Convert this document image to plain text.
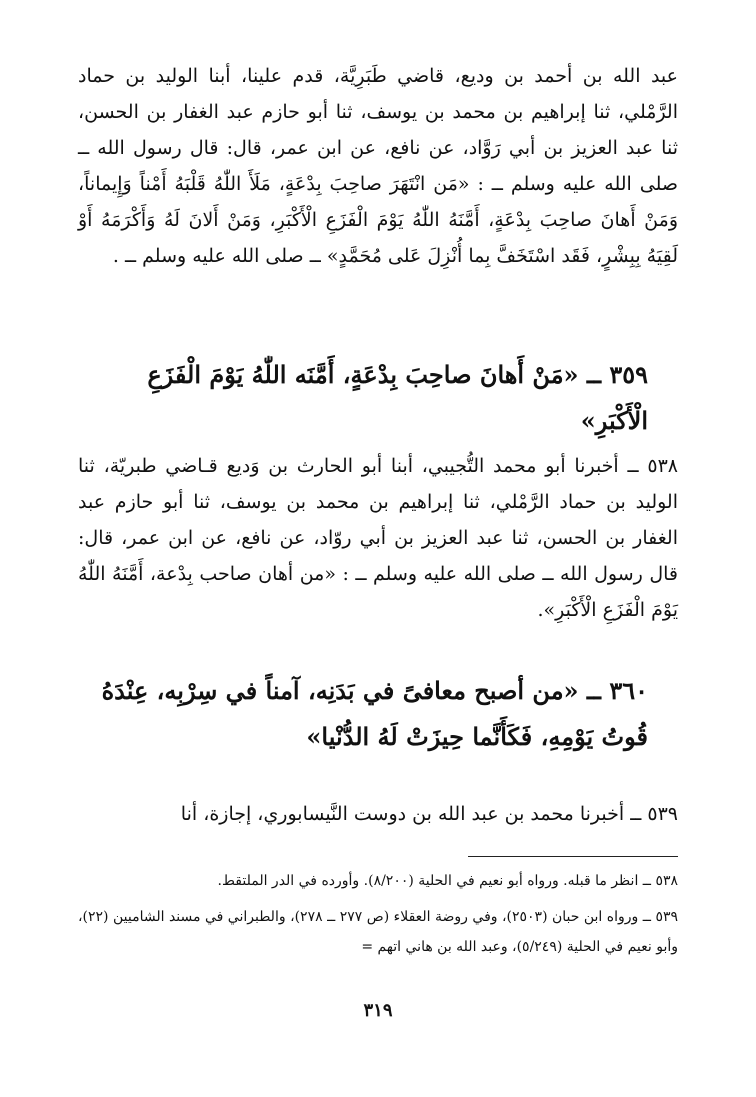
عبد الله بن أحمد بن وديع، قاضي طَبَرِيَّة، قدم علينا، أبنا الوليد بن حماد الرَّمْلي، ثنا إبراهيم بن محمد بن يوسف، ثنا أبو حازم عبد الغفار بن الحسن، ثنا عبد العزيز بن أبي رَوَّاد، عن نافع، عن ابن عمر، قال: قال رسول الله ــ صلى الله عليه وسلم ــ : «مَن انْتَهَرَ صاحِبَ بِدْعَةٍ، مَلَأَ اللّٰهُ قَلْبَهُ أَمْناً وَإِيماناً، وَمَنْ أَهانَ صاحِبَ بِدْعَةٍ، أَمَّنَهُ اللّٰهُ يَوْمَ الْفَزَعِ الْأَكْبَرِ، وَمَنْ أَلانَ لَهُ وَأَكْرَمَهُ أَوْ لَقِيَهُ بِبِشْرٍ، فَقَد اسْتَخَفَّ بِما أُنْزِلَ عَلى مُحَمَّدٍ» ــ صلى الله عليه وسلم ــ .

٣٥٩ ــ «مَنْ أَهانَ صاحِبَ بِدْعَةٍ، أَمَّنَه اللّٰهُ يَوْمَ الْفَزَعِ الْأَكْبَرِ»

٥٣٨ ــ أخبرنا أبو محمد التُّجيبي، أبنا أبو الحارث بن وَديع قـاضي طبريّة، ثنا الوليد بن حماد الرَّمْلي، ثنا إبراهيم بن محمد بن يوسف، ثنا أبو حازم عبد الغفار بن الحسن، ثنا عبد العزيز بن أبي روّاد، عن نافع، عن ابن عمر، قال: قال رسول الله ــ صلى الله عليه وسلم ــ : «من أهان صاحب بِدْعة، أَمَّنَهُ اللّٰهُ يَوْمَ الْفَزَعِ الْأَكْبَرِ».

٣٦٠ ــ «من أصبح معافىً في بَدَنِه، آمناً في سِرْبِه، عِنْدَهُ قُوتُ يَوْمِهِ، فَكَأَنَّما حِيزَتْ لَهُ الدُّنْيا»

٥٣٩ ــ أخبرنا محمد بن عبد الله بن دوست النَّيسابوري، إجازة، أنا

٥٣٨ ــ انظر ما قبله. ورواه أبو نعيم في الحلية (٨/٢٠٠). وأورده في الدر الملتقط.

٥٣٩ ــ ورواه ابن حبان (٢٥٠٣)، وفي روضة العقلاء (ص ٢٧٧ ــ ٢٧٨)، والطبراني في مسند الشاميين (٢٢)، وأبو نعيم في الحلية (٥/٢٤٩)، وعبد الله بن هاني اتهم =

٣١٩
